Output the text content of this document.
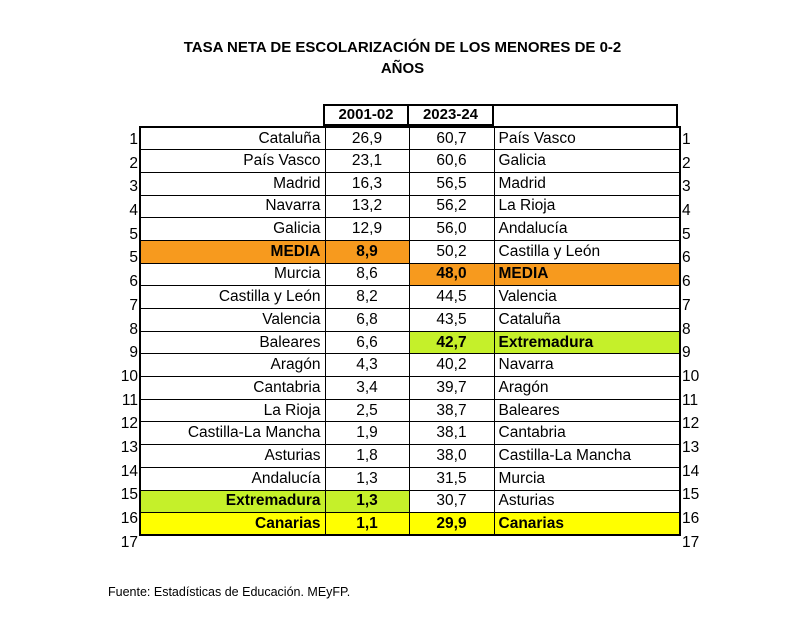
TASA NETA DE ESCOLARIZACIÓN DE LOS MENORES DE 0-2
AÑOS
2001-02	2023-24
1
2
3
4
5
5
6
7
8
9
10
11
12
13
14
15
16
17
Cataluña	26,9	60,7	País Vasco
País Vasco	23,1	60,6	Galicia
Madrid	16,3	56,5	Madrid
Navarra	13,2	56,2	La Rioja
Galicia	12,9	56,0	Andalucía
MEDIA	8,9	50,2	Castilla y León
Murcia	8,6	48,0	MEDIA
Castilla y León	8,2	44,5	Valencia
Valencia	6,8	43,5	Cataluña
Baleares	6,6	42,7	Extremadura
Aragón	4,3	40,2	Navarra
Cantabria	3,4	39,7	Aragón
La Rioja	2,5	38,7	Baleares
Castilla-La Mancha	1,9	38,1	Cantabria
Asturias	1,8	38,0	Castilla-La Mancha
Andalucía	1,3	31,5	Murcia
Extremadura	1,3	30,7	Asturias
Canarias	1,1	29,9	Canarias
1
2
3
4
5
6
6
7
8
9
10
11
12
13
14
15
16
17
Fuente: Estadísticas de Educación. MEyFP.
